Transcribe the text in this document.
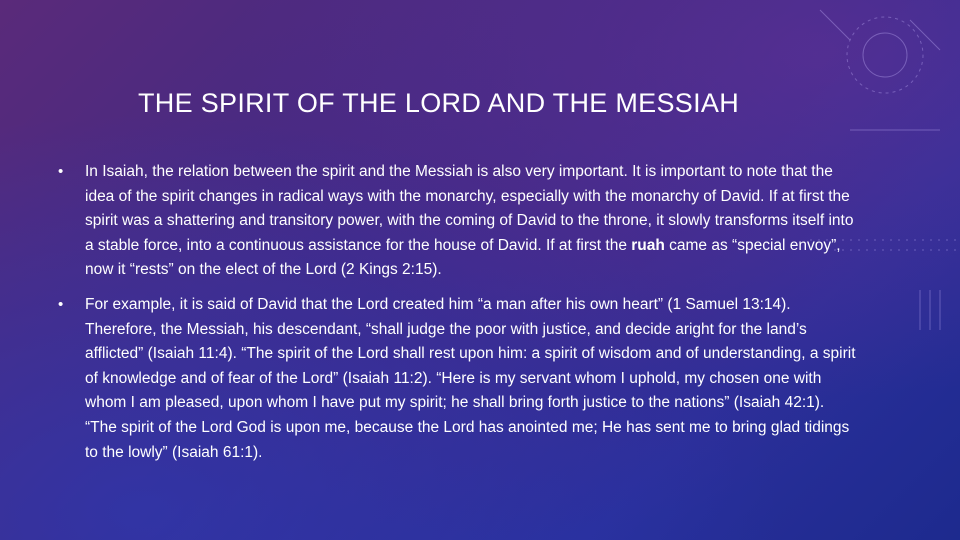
THE SPIRIT OF THE LORD AND THE MESSIAH

• In Isaiah, the relation between the spirit and the Messiah is also very important. It is important to note that the idea of the spirit changes in radical ways with the monarchy, especially with the monarchy of David. If at first the spirit was a shattering and transitory power, with the coming of David to the throne, it slowly transforms itself into a stable force, into a continuous assistance for the house of David. If at first the ruah came as “special envoy”, now it “rests” on the elect of the Lord (2 Kings 2:15).

• For example, it is said of David that the Lord created him “a man after his own heart” (1 Samuel 13:14). Therefore, the Messiah, his descendant, “shall judge the poor with justice, and decide aright for the land’s afflicted” (Isaiah 11:4). “The spirit of the Lord shall rest upon him: a spirit of wisdom and of understanding, a spirit of knowledge and of fear of the Lord” (Isaiah 11:2). “Here is my servant whom I uphold, my chosen one with whom I am pleased, upon whom I have put my spirit; he shall bring forth justice to the nations” (Isaiah 42:1). “The spirit of the Lord God is upon me, because the Lord has anointed me; He has sent me to bring glad tidings to the lowly” (Isaiah 61:1).
